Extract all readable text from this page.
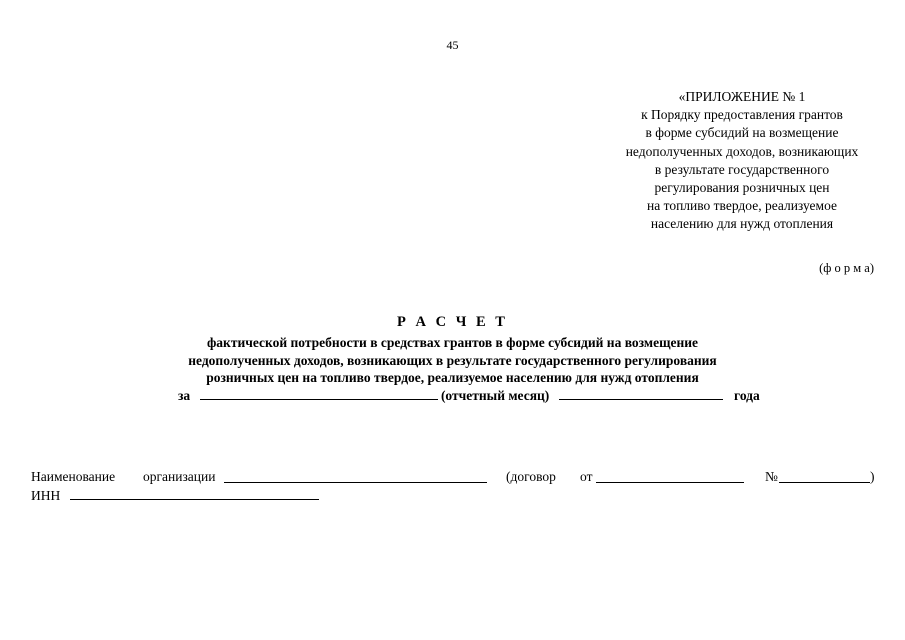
45
«ПРИЛОЖЕНИЕ № 1
к Порядку предоставления грантов
в форме субсидий на возмещение
недополученных доходов, возникающих
в результате государственного
регулирования розничных цен
на топливо твердое, реализуемое
населению для нужд отопления
(ф о р м а)
Р А С Ч Е Т
фактической потребности в средствах грантов в форме субсидий на возмещение
недополученных доходов, возникающих в результате государственного регулирования
розничных цен на топливо твердое, реализуемое населению для нужд отопления
за	(отчетный месяц)	года
Наименование организации	(договор от	№	)
ИНН
